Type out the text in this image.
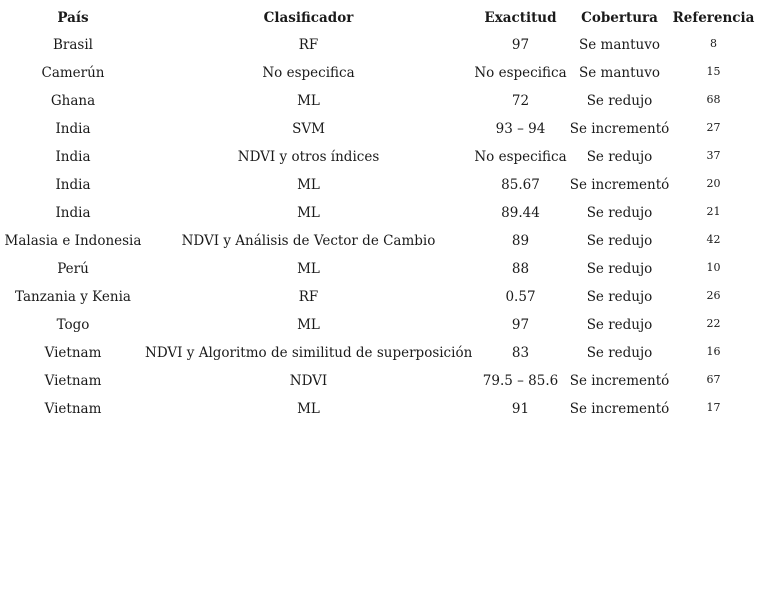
País	Clasificador	Exactitud	Cobertura	Referencia
Brasil	RF	97	Se mantuvo	8
Camerún	No especifica	No especifica	Se mantuvo	15
Ghana	ML	72	Se redujo	68
India	SVM	93 – 94	Se incrementó	27
India	NDVI y otros índices	No especifica	Se redujo	37
India	ML	85.67	Se incrementó	20
India	ML	89.44	Se redujo	21
Malasia e Indonesia	NDVI y Análisis de Vector de Cambio	89	Se redujo	42
Perú	ML	88	Se redujo	10
Tanzania y Kenia	RF	0.57	Se redujo	26
Togo	ML	97	Se redujo	22
Vietnam	NDVI y Algoritmo de similitud de superposición	83	Se redujo	16
Vietnam	NDVI	79.5 – 85.6	Se incrementó	67
Vietnam	ML	91	Se incrementó	17
